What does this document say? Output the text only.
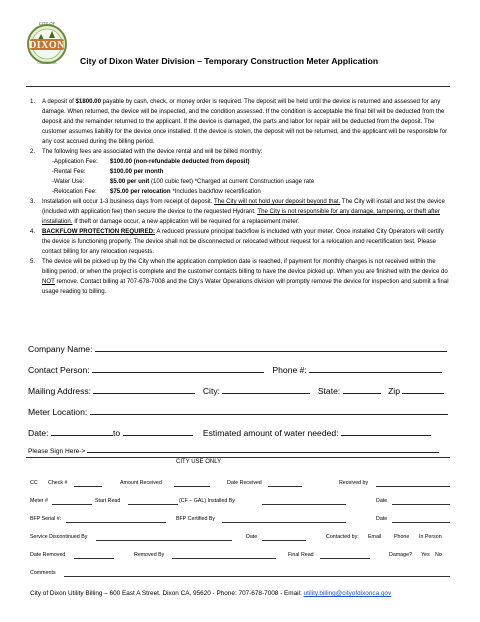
DIXON
CITY OF
CALIFORNIA	City of Dixon Water Division – Temporary Construction Meter Application
1. A deposit of $1800.00 payable by cash, check, or money order is required. The deposit will be held until the device is returned and assessed for any damage. When returned, the device will be inspected, and the condition assessed. If the condition is acceptable the final bill will be deducted from the deposit and the remainder returned to the applicant. If the device is damaged, the parts and labor for repair will be deducted from the deposit. The customer assumes liability for the device once installed. If the device is stolen, the deposit will not be returned, and the applicant will be responsible for any cost accrued during the billing period.
2. The following fees are associated with the device rental and will be billed monthly:
-Application Fee: $100.00 (non-refundable deducted from deposit)
-Rental Fee:	$100.00 per month
-Water Use:	$5.00 per unit (100 cubic feet) *Charged at current Construction usage rate
-Relocation Fee: $75.00 per relocation *Includes backflow recertification
3. Installation will occur 1-3 business days from receipt of deposit. The City will not hold your deposit beyond that. The City will install and test the device (included with application fee) then secure the device to the requested Hydrant. The City is not responsible for any damage, tampering, or theft after installation. If theft or damage occur, a new application will be required for a replacement meter.
4. BACKFLOW PROTECTION REQUIRED: A reduced pressure principal backflow is included with your meter. Once installed City Operators will certify the device is functioning properly. The device shall not be disconnected or relocated without request for a relocation and recertification test. Please contact billing for any relocation requests.
5. The device will be picked up by the City when the application completion date is reached, if payment for monthly charges is not received within the billing period, or when the project is complete and the customer contacts billing to have the device picked up. When you are finished with the device do NOT remove. Contact billing at 707-678-7008 and the City's Water Operations division will promptly remove the device for inspection and submit a final usage reading to billing.
Company Name:
Contact Person:	Phone #:
Mailing Address:	City:	State:	Zip
Meter Location:
Date:	to	Estimated amount of water needed:
Please Sign Here->
CITY USE ONLY
CC Check #	Amount Received	Date Received	Received by
Meter #	Start Read	(CF – GAL) Installed By	Date
BFP Serial #:	BFP Certified By	Date
Service Discontinued By	Date	Contacted by: Email Phone In Person
Date Removed	Removed By	Final Read	Damage? Yes No
Comments
City of Dixon Utility Billing – 600 East A Street. Dixon CA, 95620 - Phone: 707-678-7008 - Email: utility.billing@cityofdixonca.gov
